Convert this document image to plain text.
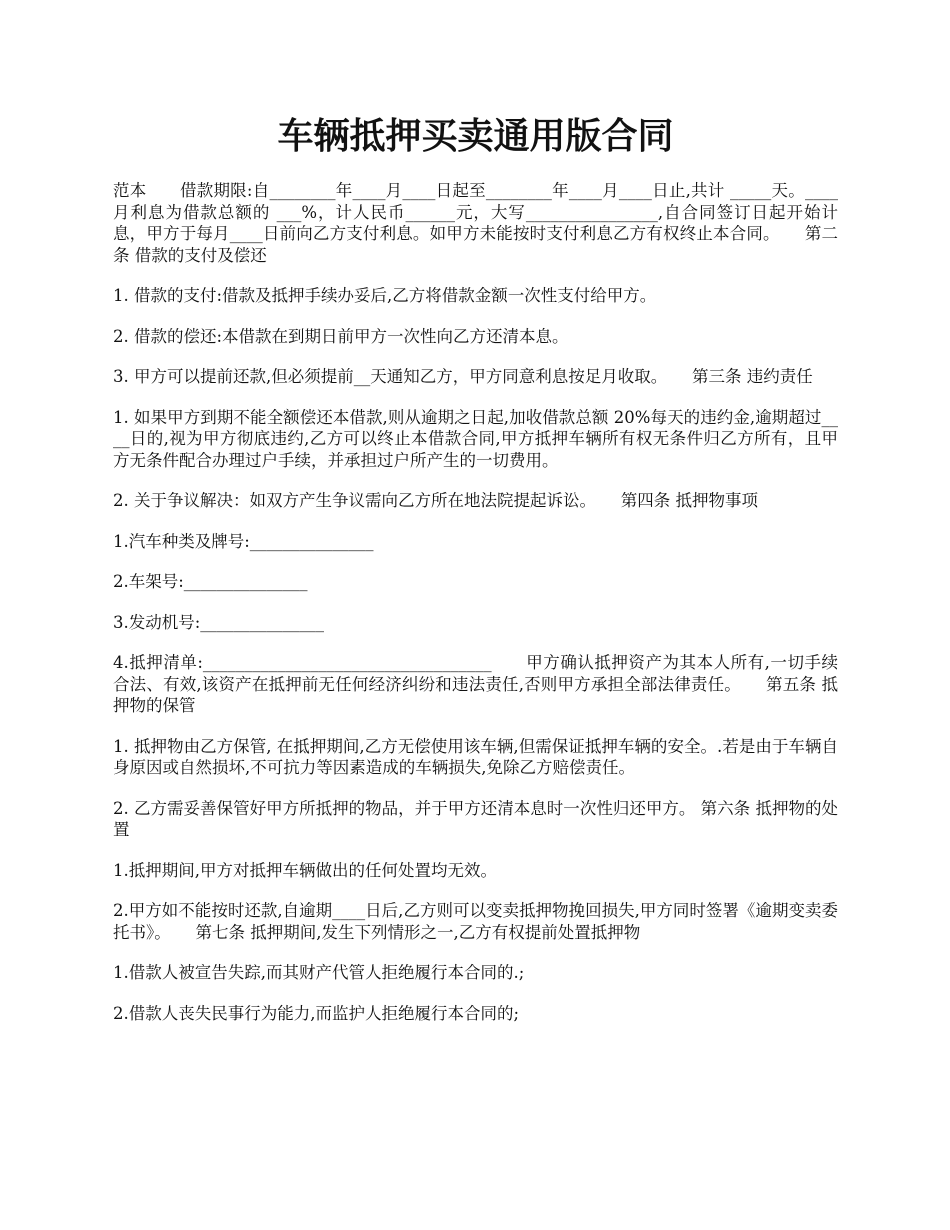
车辆抵押买卖通用版合同

范本　　借款期限:自________年____月____日起至________年____月____日止,共计 _____天。____月利息为借款总额的 ___%，计人民币______元，大写________________,自合同签订日起开始计息，甲方于每月____日前向乙方支付利息。如甲方未能按时支付利息乙方有权终止本合同。　　第二条 借款的支付及偿还

1. 借款的支付:借款及抵押手续办妥后,乙方将借款金额一次性支付给甲方。

2. 借款的偿还:本借款在到期日前甲方一次性向乙方还清本息。

3. 甲方可以提前还款,但必须提前__天通知乙方，甲方同意利息按足月收取。　　第三条 违约责任

1. 如果甲方到期不能全额偿还本借款,则从逾期之日起,加收借款总额 20%每天的违约金,逾期超过____日的,视为甲方彻底违约,乙方可以终止本借款合同,甲方抵押车辆所有权无条件归乙方所有，且甲方无条件配合办理过户手续，并承担过户所产生的一切费用。

2. 关于争议解决：如双方产生争议需向乙方所在地法院提起诉讼。　　第四条 抵押物事项

1.汽车种类及牌号:_______________

2.车架号:_______________

3.发动机号:_______________

4.抵押清单:___________________________________　　甲方确认抵押资产为其本人所有,一切手续合法、有效,该资产在抵押前无任何经济纠纷和违法责任,否则甲方承担全部法律责任。　　第五条 抵押物的保管

1. 抵押物由乙方保管, 在抵押期间,乙方无偿使用该车辆,但需保证抵押车辆的安全。.若是由于车辆自身原因或自然损坏,不可抗力等因素造成的车辆损失,免除乙方赔偿责任。

2. 乙方需妥善保管好甲方所抵押的物品，并于甲方还清本息时一次性归还甲方。 第六条 抵押物的处置

1.抵押期间,甲方对抵押车辆做出的任何处置均无效。

2.甲方如不能按时还款,自逾期____日后,乙方则可以变卖抵押物挽回损失,甲方同时签署《逾期变卖委托书》。　　第七条 抵押期间,发生下列情形之一,乙方有权提前处置抵押物

1.借款人被宣告失踪,而其财产代管人拒绝履行本合同的.;

2.借款人丧失民事行为能力,而监护人拒绝履行本合同的;
